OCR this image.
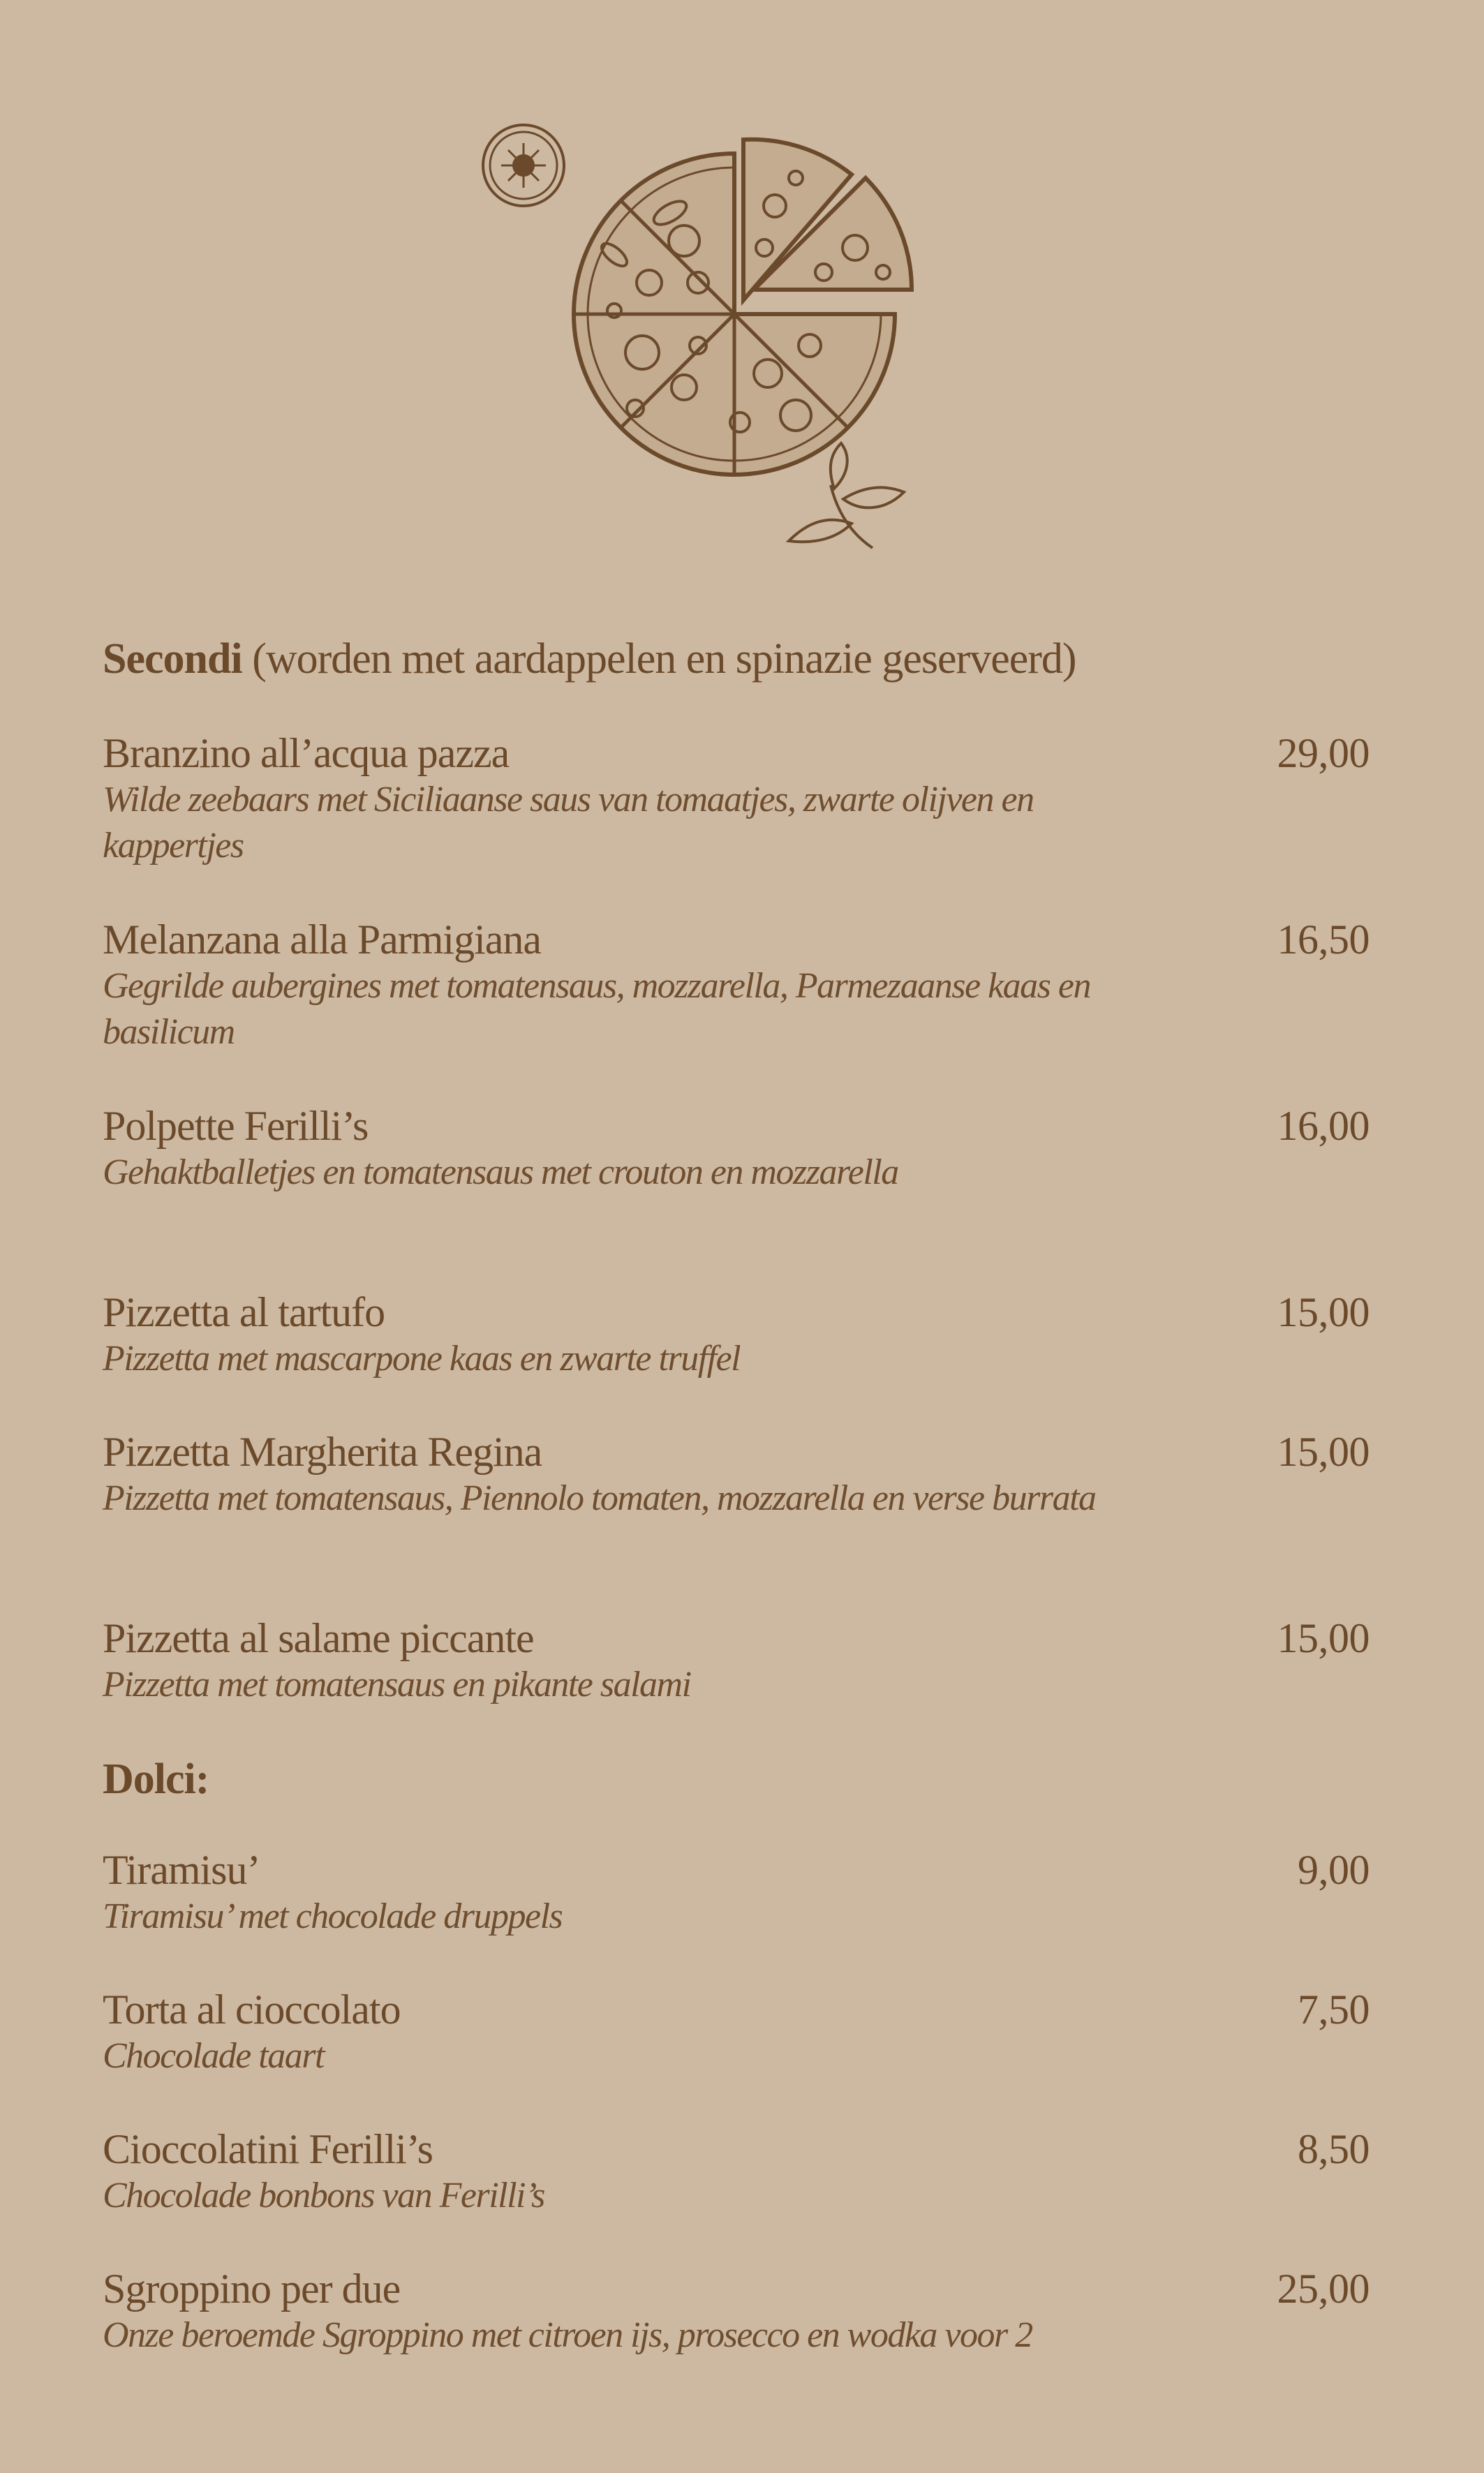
Secondi (worden met aardappelen en spinazie geserveerd)
Branzino all’acqua pazza	29,00
Wilde zeebaars met Siciliaanse saus van tomaatjes, zwarte olijven en kappertjes
Melanzana alla Parmigiana	16,50
Gegrilde aubergines met tomatensaus, mozzarella, Parmezaanse kaas en basilicum
Polpette Ferilli’s	16,00
Gehaktballetjes en tomatensaus met crouton en mozzarella
Pizzetta al tartufo	15,00
Pizzetta met mascarpone kaas en zwarte truffel
Pizzetta Margherita Regina	15,00
Pizzetta met tomatensaus, Piennolo tomaten, mozzarella en verse burrata
Pizzetta al salame piccante	15,00
Pizzetta met tomatensaus en pikante salami
Dolci:
Tiramisu’	9,00
Tiramisu’ met chocolade druppels
Torta al cioccolato	7,50
Chocolade taart
Cioccolatini Ferilli’s	8,50
Chocolade bonbons van Ferilli’s
Sgroppino per due	25,00
Onze beroemde Sgroppino met citroen ijs, prosecco en wodka voor 2
